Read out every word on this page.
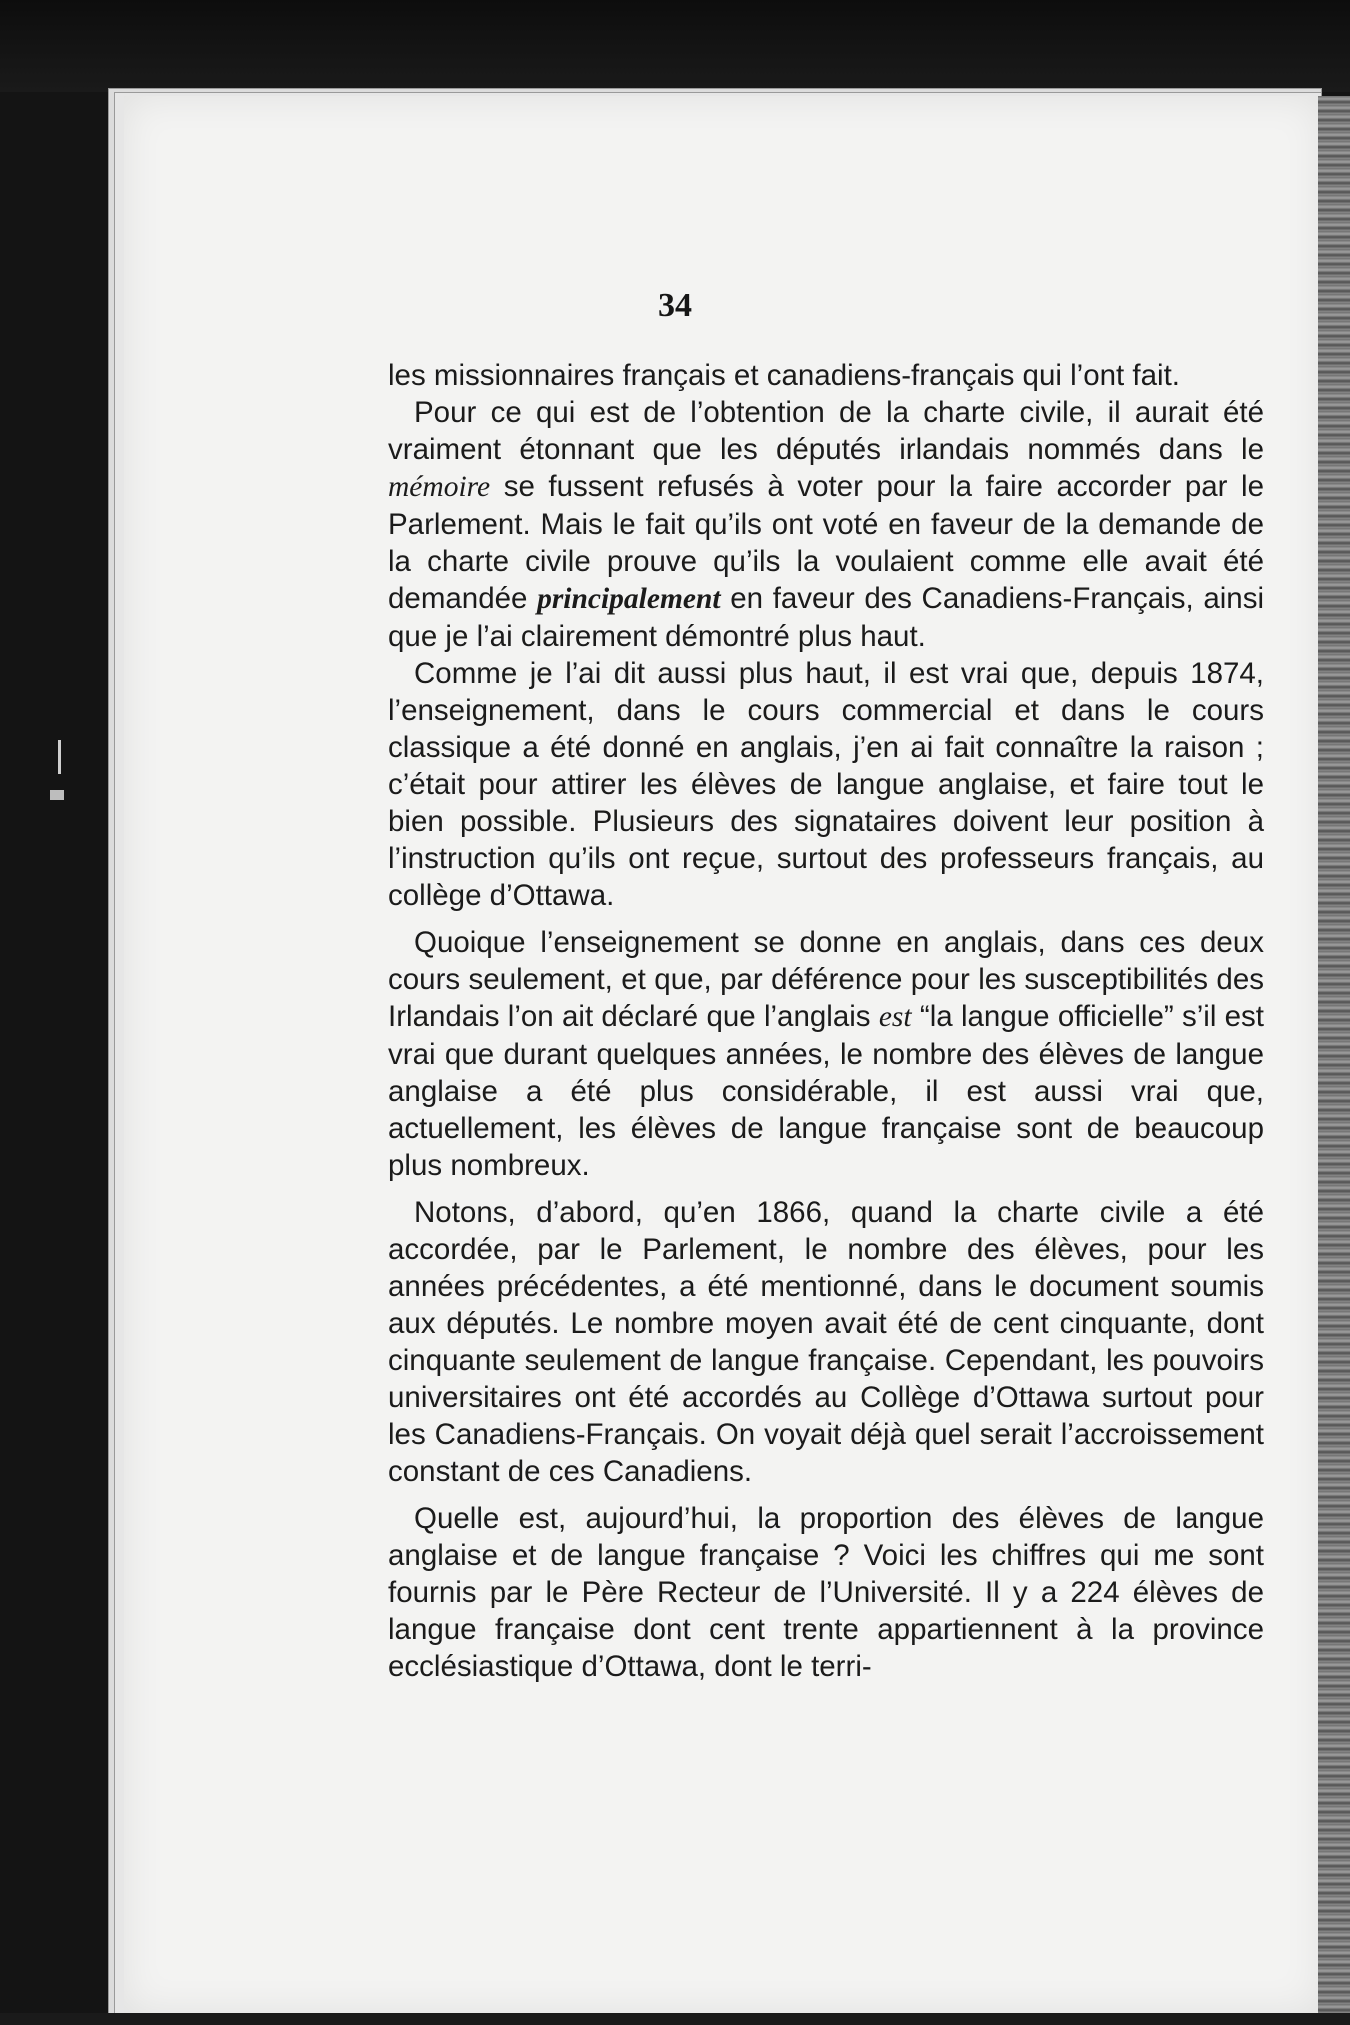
34

les missionnaires français et canadiens-français qui l’ont fait.

Pour ce qui est de l’obtention de la charte civile, il aurait été vraiment étonnant que les députés irlandais nommés dans le mémoire se fussent refusés à voter pour la faire accorder par le Parlement. Mais le fait qu’ils ont voté en faveur de la demande de la charte civile prouve qu’ils la voulaient comme elle avait été demandée principalement en faveur des Canadiens-Français, ainsi que je l’ai clairement démontré plus haut.

Comme je l’ai dit aussi plus haut, il est vrai que, depuis 1874, l’enseignement, dans le cours commercial et dans le cours classique a été donné en anglais, j’en ai fait connaître la raison ; c’était pour attirer les élèves de langue anglaise, et faire tout le bien possible. Plusieurs des signataires doivent leur position à l’instruction qu’ils ont reçue, surtout des professeurs français, au collège d’Ottawa.

Quoique l’enseignement se donne en anglais, dans ces deux cours seulement, et que, par déférence pour les susceptibilités des Irlandais l’on ait déclaré que l’anglais est “la langue officielle” s’il est vrai que durant quelques années, le nombre des élèves de langue anglaise a été plus considérable, il est aussi vrai que, actuellement, les élèves de langue française sont de beaucoup plus nombreux.

Notons, d’abord, qu’en 1866, quand la charte civile a été accordée, par le Parlement, le nombre des élèves, pour les années précédentes, a été mentionné, dans le document soumis aux députés. Le nombre moyen avait été de cent cinquante, dont cinquante seulement de langue française. Cependant, les pouvoirs universitaires ont été accordés au Collège d’Ottawa surtout pour les Canadiens-Français. On voyait déjà quel serait l’accroissement constant de ces Canadiens.

Quelle est, aujourd’hui, la proportion des élèves de langue anglaise et de langue française ? Voici les chiffres qui me sont fournis par le Père Recteur de l’Université. Il y a 224 élèves de langue française dont cent trente appartiennent à la province ecclésiastique d’Ottawa, dont le terri-
